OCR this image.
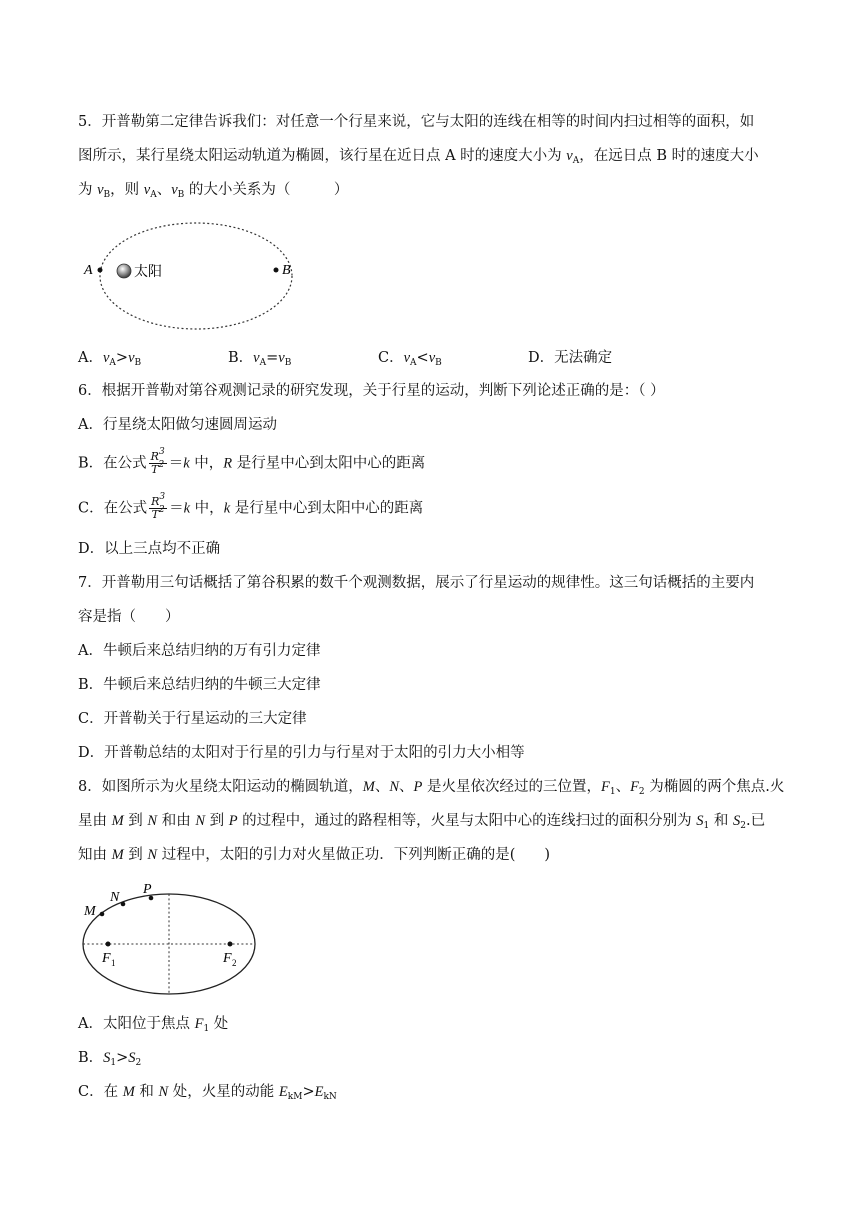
5．开普勒第二定律告诉我们：对任意一个行星来说，它与太阳的连线在相等的时间内扫过相等的面积，如
图所示，某行星绕太阳运动轨道为椭圆，该行星在近日点 A 时的速度大小为 $v_A$，在远日点 B 时的速度大小
为 $v_B$，则 $v_A$、$v_B$ 的大小关系为（　　　）
A	B
太阳
A．$v_A>v_B$	B．$v_A=v_B$	C．$v_A<v_B$	D．无法确定
6．根据开普勒对第谷观测记录的研究发现，关于行星的运动，判断下列论述正确的是：（ ）
A．行星绕太阳做匀速圆周运动
B．在公式 $\frac{R^3}{T^2} =k$ 中，R 是行星中心到太阳中心的距离
C．在公式 $\frac{R^3}{T^2} =k$ 中，k 是行星中心到太阳中心的距离
D．以上三点均不正确
7．开普勒用三句话概括了第谷积累的数千个观测数据，展示了行星运动的规律性。这三句话概括的主要内
容是指（　　）
A．牛顿后来总结归纳的万有引力定律
B．牛顿后来总结归纳的牛顿三大定律
C．开普勒关于行星运动的三大定律
D．开普勒总结的太阳对于行星的引力与行星对于太阳的引力大小相等
8．如图所示为火星绕太阳运动的椭圆轨道，M、N、P 是火星依次经过的三位置，$F_1$、$F_2$ 为椭圆的两个焦点.火
星由 M 到 N 和由 N 到 P 的过程中，通过的路程相等，火星与太阳中心的连线扫过的面积分别为 $S_1$ 和 $S_2$.已
知由 M 到 N 过程中，太阳的引力对火星做正功．下列判断正确的是(　　)
M
N
P
F 1	F 2
A．太阳位于焦点 $F_1$ 处
B．$S_1>S_2$
C．在 M 和 N 处，火星的动能 $E_{kM}>E_{kN}$
